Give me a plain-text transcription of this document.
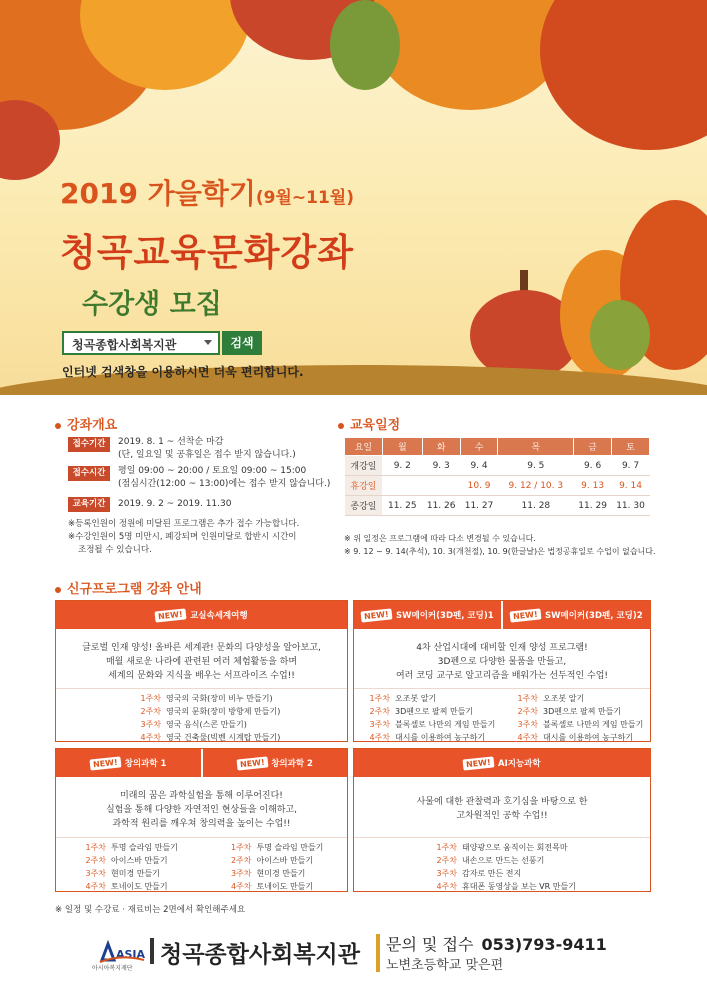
2019 가을학기(9월~11월)
청곡교육문화강좌
수강생 모집
청곡종합사회복지관	검색
인터넷 검색창을 이용하시면 더욱 편리합니다.
강좌개요
접수기간	2019. 8. 1 ~ 선착순 마감
(단, 일요일 및 공휴일은 접수 받지 않습니다.)
접수시간	평일 09:00 ~ 20:00 / 토요일 09:00 ~ 15:00
(점심시간(12:00 ~ 13:00)에는 접수 받지 않습니다.)
교육기간	2019. 9. 2 ~ 2019. 11.30
※등록인원이 정원에 미달된 프로그램은 추가 접수 가능합니다.
※수강인원이 5명 미만시, 폐강되며 인원미달로 합반시 시간이
조정될 수 있습니다.
교육일정
요일	월	화	수	목	금	토
개강일	9. 2	9. 3	9. 4	9. 5	9. 6	9. 7
휴강일			10. 9	9. 12 / 10. 3	9. 13	9. 14
종강일	11. 25	11. 26	11. 27	11. 28	11. 29	11. 30
※ 위 일정은 프로그램에 따라 다소 변경될 수 있습니다.
※ 9. 12 ~ 9. 14(추석), 10. 3(개천절), 10. 9(한글날)은 법정공휴일로 수업이 없습니다.
신규프로그램 강좌 안내
NEW! 교실속세계여행
글로벌 인재 양성! 올바른 세계관! 문화의 다양성을 알아보고,
매월 새로운 나라에 관련된 여러 체험활동을 하며
세계의 문화와 지식을 배우는 서프라이즈 수업!!
1주차 영국의 국화(장미 비누 만들기)
2주차 영국의 문화(장미 방향제 만들기)
3주차 영국 음식(스콘 만들기)
4주차 영국 건축물(빅벤 시계탑 만들기)
NEW! SW메이커(3D펜, 코딩)1	NEW! SW메이커(3D펜, 코딩)2
4차 산업시대에 대비할 인재 양성 프로그램!
3D펜으로 다양한 물품을 만들고,
여러 코딩 교구로 알고리즘을 배워가는 선두적인 수업!
1주차 오조봇 알기
2주차 3D펜으로 팔찌 만들기
3주차 블록셀로 나만의 게임 만들기
4주차 대시를 이용하여 농구하기
1주차 오조봇 알기
2주차 3D펜으로 팔찌 만들기
3주차 블록셀로 나만의 게임 만들기
4주차 대시를 이용하여 농구하기
NEW! 창의과학 1	NEW! 창의과학 2
미래의 꿈은 과학실험을 통해 이루어진다!
실험을 통해 다양한 자연적인 현상들을 이해하고,
과학적 원리를 깨우쳐 창의력을 높이는 수업!!
1주차 투명 슬라임 만들기
2주차 아이스바 만들기
3주차 현미경 만들기
4주차 토네이도 만들기
1주차 투명 슬라임 만들기
2주차 아이스바 만들기
3주차 현미경 만들기
4주차 토네이도 만들기
NEW! AI지능과학
사물에 대한 관찰력과 호기심을 바탕으로 한
고차원적인 공학 수업!!
1주차 태양광으로 움직이는 회전목마
2주차 내손으로 만드는 선풍기
3주차 감자로 만든 전지
4주차 휴대폰 동영상을 보는 VR 만들기
※ 일정 및 수강료 · 재료비는 2면에서 확인해주세요
ASIA
아시아복지재단
청곡종합사회복지관 문의 및 접수 053)793-9411
노변초등학교 맞은편
